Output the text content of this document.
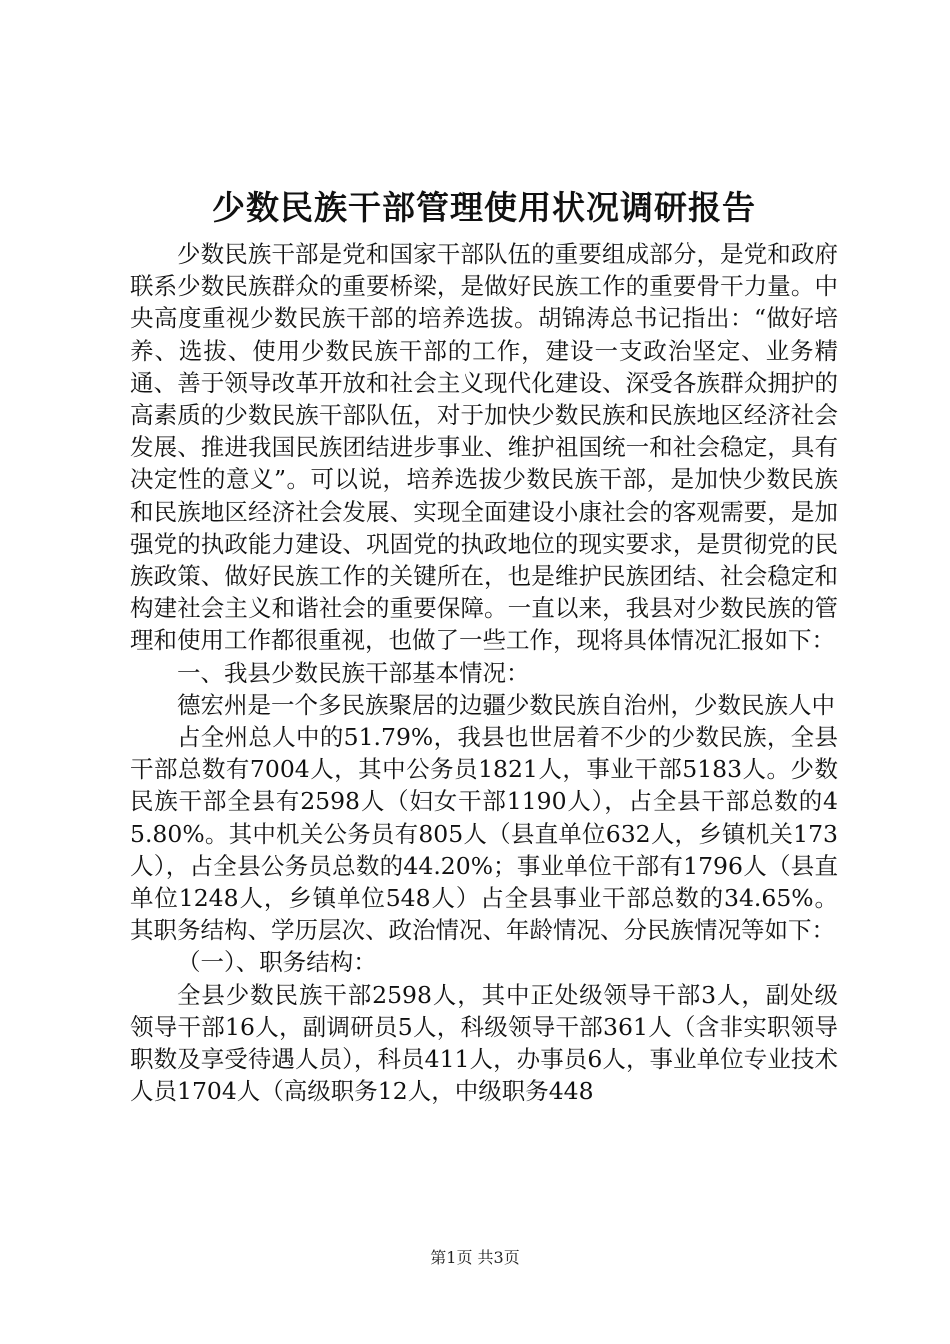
少数民族干部管理使用状况调研报告

少数民族干部是党和国家干部队伍的重要组成部分，是党和政府联系少数民族群众的重要桥梁，是做好民族工作的重要骨干力量。中央高度重视少数民族干部的培养选拔。胡锦涛总书记指出：“做好培养、选拔、使用少数民族干部的工作，建设一支政治坚定、业务精通、善于领导改革开放和社会主义现代化建设、深受各族群众拥护的高素质的少数民族干部队伍，对于加快少数民族和民族地区经济社会发展、推进我国民族团结进步事业、维护祖国统一和社会稳定，具有决定性的意义”。可以说，培养选拔少数民族干部，是加快少数民族和民族地区经济社会发展、实现全面建设小康社会的客观需要，是加强党的执政能力建设、巩固党的执政地位的现实要求，是贯彻党的民族政策、做好民族工作的关键所在，也是维护民族团结、社会稳定和构建社会主义和谐社会的重要保障。一直以来，我县对少数民族的管理和使用工作都很重视，也做了一些工作，现将具体情况汇报如下：

一、我县少数民族干部基本情况：

德宏州是一个多民族聚居的边疆少数民族自治州，少数民族人中

占全州总人中的51.79%，我县也世居着不少的少数民族，全县干部总数有7004人，其中公务员1821人，事业干部5183人。少数民族干部全县有2598人（妇女干部1190人），占全县干部总数的45.80%。其中机关公务员有805人（县直单位632人，乡镇机关173人），占全县公务员总数的44.20%；事业单位干部有1796人（县直单位1248人，乡镇单位548人）占全县事业干部总数的34.65%。其职务结构、学历层次、政治情况、年龄情况、分民族情况等如下：

（一）、职务结构：

全县少数民族干部2598人，其中正处级领导干部3人，副处级领导干部16人，副调研员5人，科级领导干部361人（含非实职领导职数及享受待遇人员），科员411人，办事员6人，事业单位专业技术人员1704人（高级职务12人，中级职务448

第1页 共3页
